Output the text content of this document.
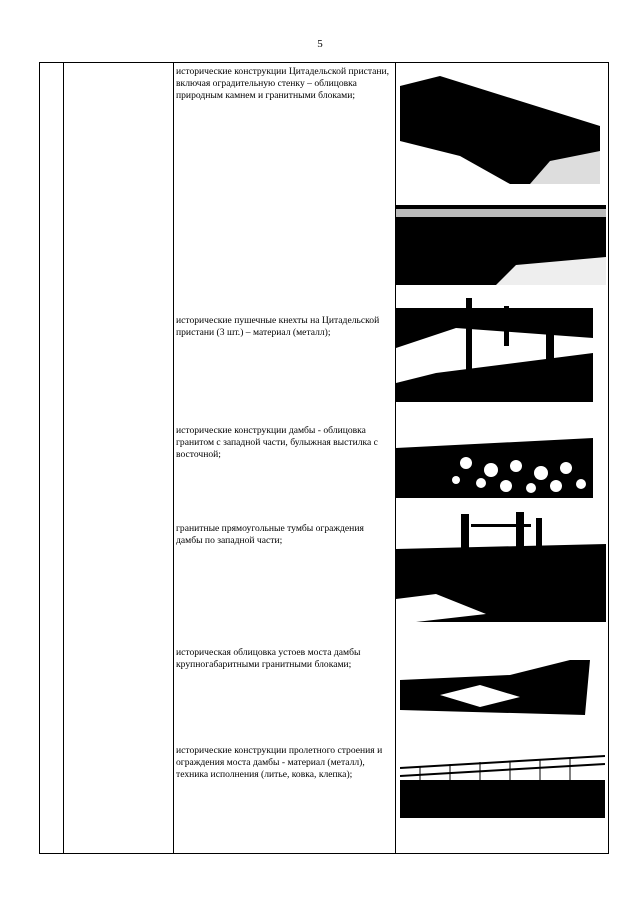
5
исторические конструкции Цитадельской пристани, включая оградительную стенку – облицовка природным камнем и гранитными блоками;
исторические пушечные кнехты на Цитадельской пристани (3 шт.) – материал (металл);
исторические конструкции дамбы - облицовка гранитом с западной части, булыжная выстилка с восточной;
гранитные прямоугольные тумбы ограждения дамбы по западной части;
историческая облицовка устоев моста дамбы крупногабаритными гранитными блоками;
исторические конструкции пролетного строения и ограждения моста дамбы - материал (металл), техника исполнения (литье, ковка, клепка);
